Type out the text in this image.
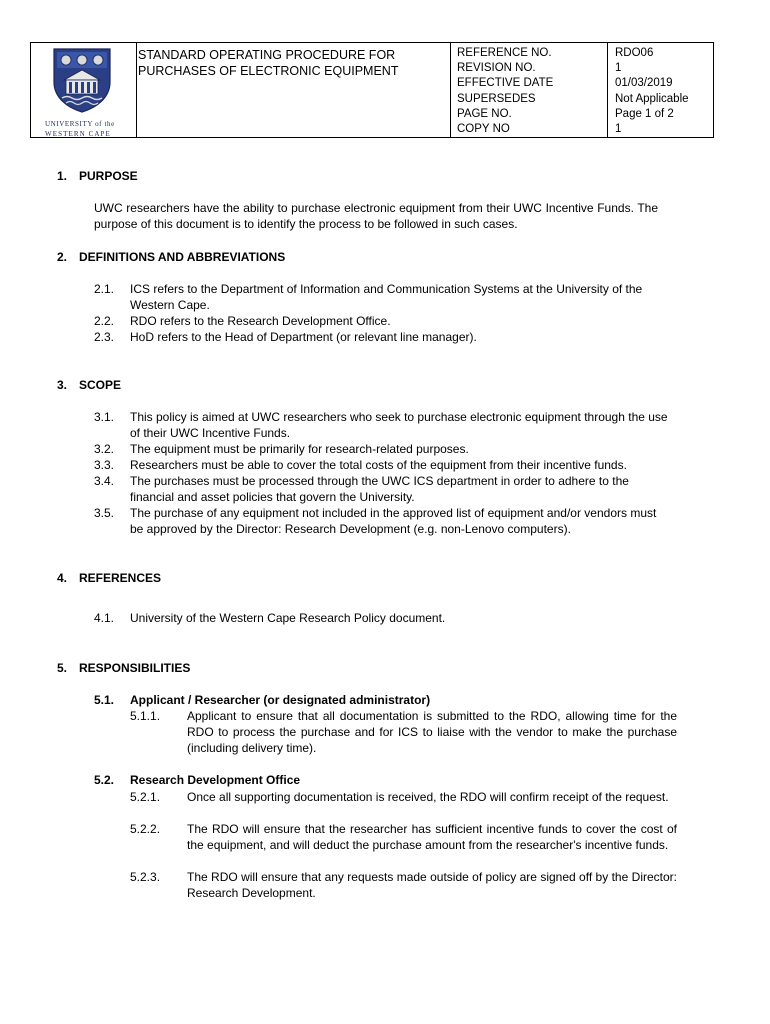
UNIVERSITY of the
WESTERN CAPE
STANDARD OPERATING PROCEDURE FOR
PURCHASES OF ELECTRONIC EQUIPMENT
REFERENCE NO.
REVISION NO.
EFFECTIVE DATE
SUPERSEDES
PAGE NO.
COPY NO
RDO06
1
01/03/2019
Not Applicable
Page 1 of 2
1
1. PURPOSE
UWC researchers have the ability to purchase electronic equipment from their UWC Incentive Funds. The purpose of this document is to identify the process to be followed in such cases.
2. DEFINITIONS AND ABBREVIATIONS
2.1. ICS refers to the Department of Information and Communication Systems at the University of the Western Cape.
2.2. RDO refers to the Research Development Office.
2.3. HoD refers to the Head of Department (or relevant line manager).
3. SCOPE
3.1. This policy is aimed at UWC researchers who seek to purchase electronic equipment through the use of their UWC Incentive Funds.
3.2. The equipment must be primarily for research-related purposes.
3.3. Researchers must be able to cover the total costs of the equipment from their incentive funds.
3.4. The purchases must be processed through the UWC ICS department in order to adhere to the financial and asset policies that govern the University.
3.5. The purchase of any equipment not included in the approved list of equipment and/or vendors must be approved by the Director: Research Development (e.g. non-Lenovo computers).
4. REFERENCES
4.1. University of the Western Cape Research Policy document.
5. RESPONSIBILITIES
5.1. Applicant / Researcher (or designated administrator)
5.1.1. Applicant to ensure that all documentation is submitted to the RDO, allowing time for the RDO to process the purchase and for ICS to liaise with the vendor to make the purchase (including delivery time).
5.2. Research Development Office
5.2.1. Once all supporting documentation is received, the RDO will confirm receipt of the request.
5.2.2. The RDO will ensure that the researcher has sufficient incentive funds to cover the cost of the equipment, and will deduct the purchase amount from the researcher's incentive funds.
5.2.3. The RDO will ensure that any requests made outside of policy are signed off by the Director: Research Development.
